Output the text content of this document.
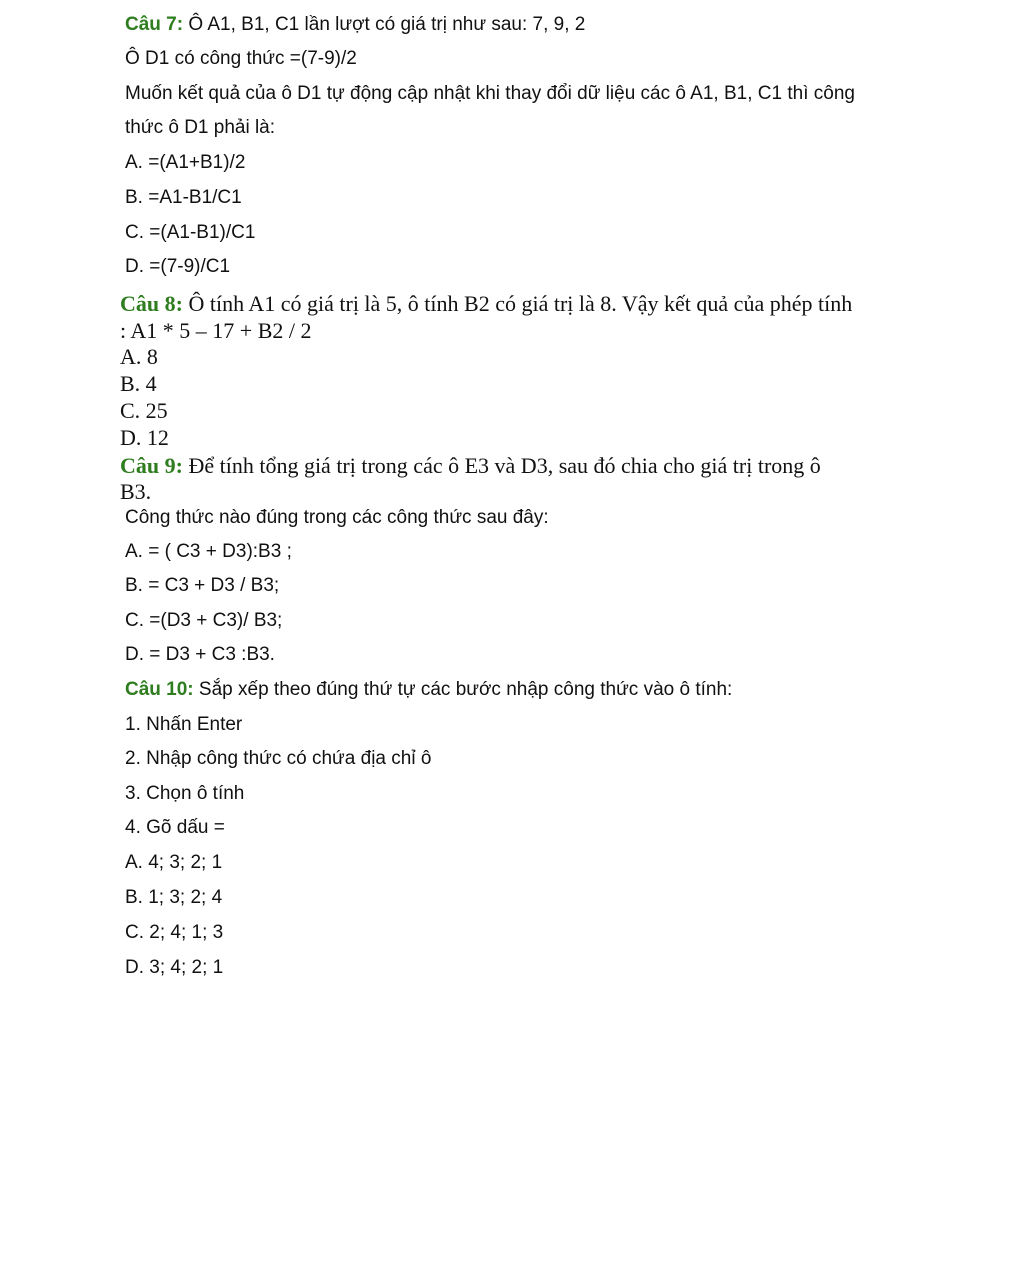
Câu 7: Ô A1, B1, C1 lần lượt có giá trị như sau: 7, 9, 2
Ô D1 có công thức =(7-9)/2
Muốn kết quả của ô D1 tự động cập nhật khi thay đổi dữ liệu các ô A1, B1, C1 thì công
thức ô D1 phải là:
A. =(A1+B1)/2
B. =A1-B1/C1
C. =(A1-B1)/C1
D. =(7-9)/C1
Câu 8: Ô tính A1 có giá trị là 5, ô tính B2 có giá trị là 8. Vậy kết quả của phép tính
: A1 * 5 – 17 + B2 / 2
A. 8
B. 4
C. 25
D. 12
Câu 9: Để tính tổng giá trị trong các ô E3 và D3, sau đó chia cho giá trị trong ô
B3.
Công thức nào đúng trong các công thức sau đây:
A. = ( C3 + D3):B3 ;
B. = C3 + D3 / B3;
C. =(D3 + C3)/ B3;
D. = D3 + C3 :B3.
Câu 10: Sắp xếp theo đúng thứ tự các bước nhập công thức vào ô tính:
1. Nhấn Enter
2. Nhập công thức có chứa địa chỉ ô
3. Chọn ô tính
4. Gõ dấu =
A. 4; 3; 2; 1
B. 1; 3; 2; 4
C. 2; 4; 1; 3
D. 3; 4; 2; 1
